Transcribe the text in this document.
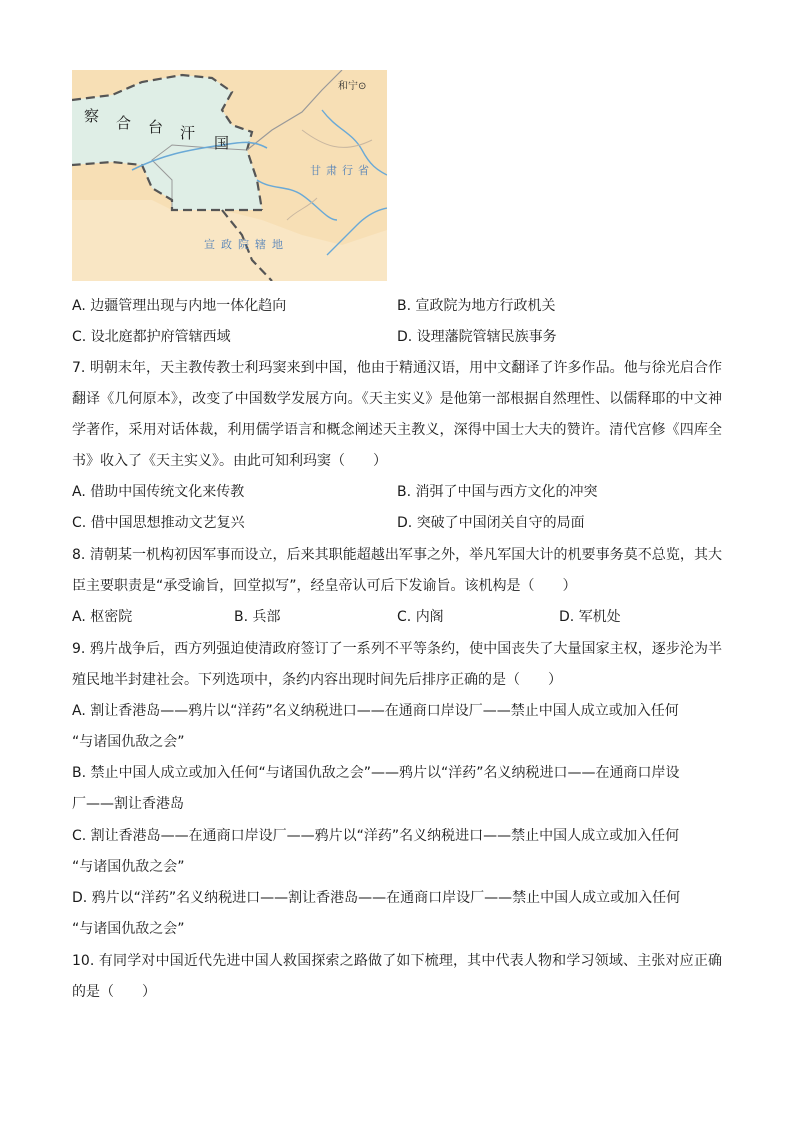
察 合 台 汗
国
和宁⊙
甘肃行省
宣政院辖地
A. 边疆管理出现与内地一体化趋向	B. 宣政院为地方行政机关
C. 设北庭都护府管辖西域	D. 设理藩院管辖民族事务
7. 明朝末年，天主教传教士利玛窦来到中国，他由于精通汉语，用中文翻译了许多作品。他与徐光启合作
翻译《几何原本》，改变了中国数学发展方向。《天主实义》是他第一部根据自然理性、以儒释耶的中文神
学著作，采用对话体裁，利用儒学语言和概念阐述天主教义，深得中国士大夫的赞许。清代宫修《四库全
书》收入了《天主实义》。由此可知利玛窦（　　）
A. 借助中国传统文化来传教	B. 消弭了中国与西方文化的冲突
C. 借中国思想推动文艺复兴	D. 突破了中国闭关自守的局面
8. 清朝某一机构初因军事而设立，后来其职能超越出军事之外，举凡军国大计的机要事务莫不总览，其大
臣主要职责是“承受谕旨，回堂拟写”，经皇帝认可后下发谕旨。该机构是（　　）
A. 枢密院	B. 兵部	C. 内阁	D. 军机处
9. 鸦片战争后，西方列强迫使清政府签订了一系列不平等条约，使中国丧失了大量国家主权，逐步沦为半
殖民地半封建社会。下列选项中，条约内容出现时间先后排序正确的是（　　）
A. 割让香港岛——鸦片以“洋药”名义纳税进口——在通商口岸设厂——禁止中国人成立或加入任何
“与诸国仇敌之会”
B. 禁止中国人成立或加入任何“与诸国仇敌之会”——鸦片以“洋药”名义纳税进口——在通商口岸设
厂——割让香港岛
C. 割让香港岛——在通商口岸设厂——鸦片以“洋药”名义纳税进口——禁止中国人成立或加入任何
“与诸国仇敌之会”
D. 鸦片以“洋药”名义纳税进口——割让香港岛——在通商口岸设厂——禁止中国人成立或加入任何
“与诸国仇敌之会”
10. 有同学对中国近代先进中国人救国探索之路做了如下梳理，其中代表人物和学习领域、主张对应正确
的是（　　）
